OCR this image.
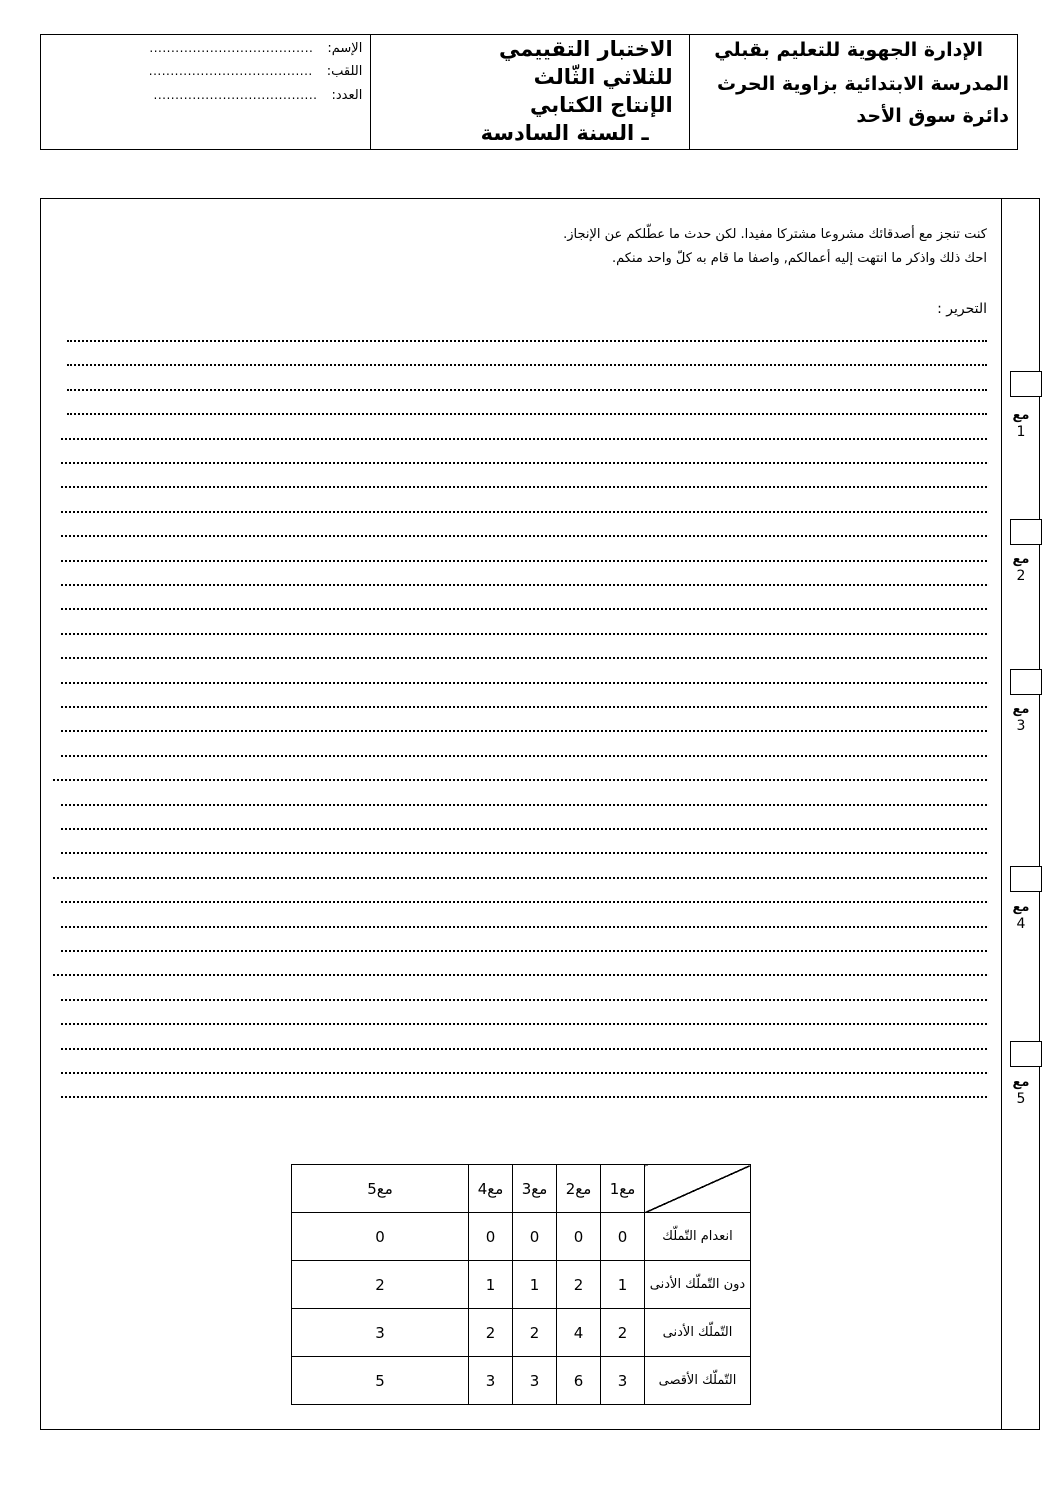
الإسم:
......................................
اللقب:
......................................
العدد:
......................................
الاختبار التقييمي
للثلاثي الثّالث
الإنتاج الكتابي
ـ السنة السادسة
الإدارة الجهوية للتعليم بقبلي
المدرسة الابتدائية بزاوية الحرث
دائرة سوق الأحد
كنت تنجز مع أصدقائك مشروعا مشتركا مفيدا. لكن حدث ما عطّلكم عن الإنجاز.
احك ذلك واذكر ما انتهت إليه أعمالكم, واصفا ما قام به كلّ واحد منكم.
التحرير :
مع
1
مع
2
مع
3
مع
4
مع
5
	مع1	مع2	مع3	مع4	مع5
انعدام التّملّك	0	0	0	0	0
دون التّملّك الأدنى	1	2	1	1	2
التّملّك الأدنى	2	4	2	2	3
التّملّك الأقصى	3	6	3	3	5
